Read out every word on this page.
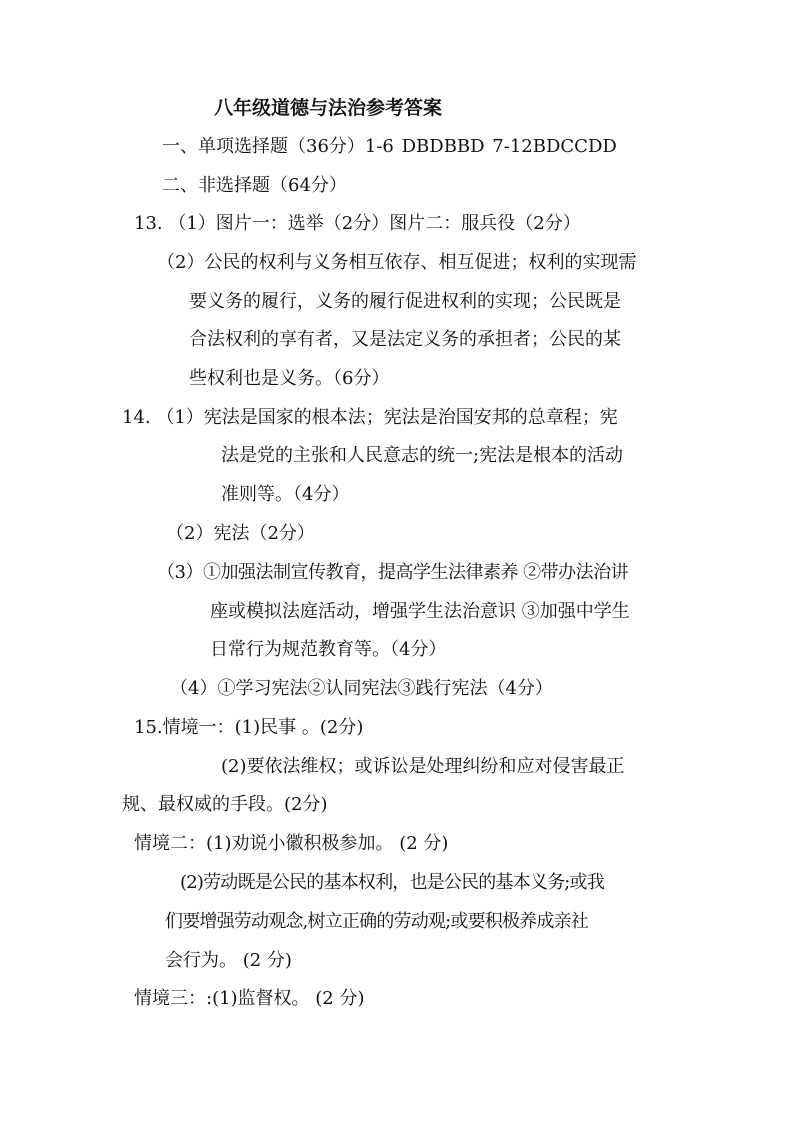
八年级道德与法治参考答案
一、单项选择题（36分）1-6 DBDBBD 7-12BDCCDD
二、非选择题（64分）
13. （1）图片一：选举（2分）图片二：服兵役（2分）
（2）公民的权利与义务相互依存、相互促进；权利的实现需
要义务的履行，义务的履行促进权利的实现；公民既是
合法权利的享有者，又是法定义务的承担者；公民的某
些权利也是义务。（6分）
14. （1）宪法是国家的根本法；宪法是治国安邦的总章程；宪
法是党的主张和人民意志的统一;宪法是根本的活动
准则等。（4分）
（2）宪法（2分）
（3）①加强法制宣传教育，提高学生法律素养 ②带办法治讲
座或模拟法庭活动，增强学生法治意识 ③加强中学生
日常行为规范教育等。（4分）
（4）①学习宪法②认同宪法③践行宪法（4分）
15.情境一：(1)民事 。(2分)
(2)要依法维权；或诉讼是处理纠纷和应对侵害最正
规、最权威的手段。(2分)
情境二：(1)劝说小徽积极参加。 (2 分)
(2)劳动既是公民的基本权利，也是公民的基本义务;或我
们要增强劳动观念,树立正确的劳动观;或要积极养成亲社
会行为。 (2 分)
情境三：:(1)监督权。 (2 分)
